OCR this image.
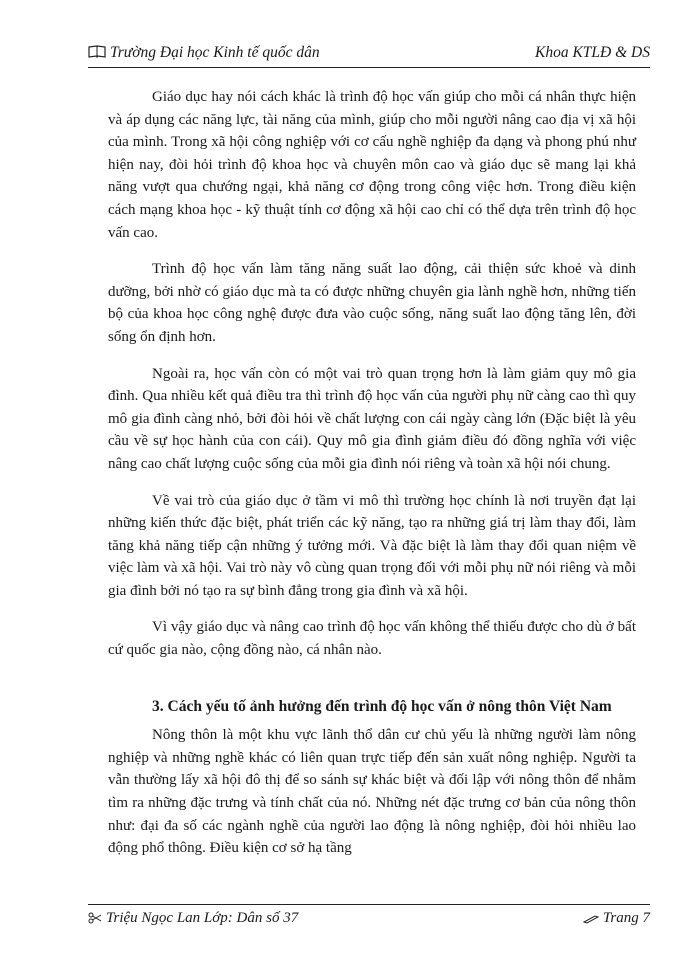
Trường Đại học Kinh tế quốc dân	Khoa KTLĐ & DS

Giáo dục hay nói cách khác là trình độ học vấn giúp cho mỗi cá nhân thực hiện và áp dụng các năng lực, tài năng của mình, giúp cho mỗi người nâng cao địa vị xã hội của mình. Trong xã hội công nghiệp với cơ cấu nghề nghiệp đa dạng và phong phú như hiện nay, đòi hỏi trình độ khoa học và chuyên môn cao và giáo dục sẽ mang lại khả năng vượt qua chướng ngại, khả năng cơ động trong công việc hơn. Trong điều kiện cách mạng khoa học - kỹ thuật tính cơ động xã hội cao chỉ có thể dựa trên trình độ học vấn cao.

Trình độ học vấn làm tăng năng suất lao động, cải thiện sức khoẻ và dinh dưỡng, bởi nhờ có giáo dục mà ta có được những chuyên gia lành nghề hơn, những tiến bộ của khoa học công nghệ được đưa vào cuộc sống, năng suất lao động tăng lên, đời sống ổn định hơn.

Ngoài ra, học vấn còn có một vai trò quan trọng hơn là làm giảm quy mô gia đình. Qua nhiều kết quả điều tra thì trình độ học vấn của người phụ nữ càng cao thì quy mô gia đình càng nhỏ, bởi đòi hỏi về chất lượng con cái ngày càng lớn (Đặc biệt là yêu cầu về sự học hành của con cái). Quy mô gia đình giảm điều đó đồng nghĩa với việc nâng cao chất lượng cuộc sống của mỗi gia đình nói riêng và toàn xã hội nói chung.

Về vai trò của giáo dục ở tầm vi mô thì trường học chính là nơi truyền đạt lại những kiến thức đặc biệt, phát triển các kỹ năng, tạo ra những giá trị làm thay đổi, làm tăng khả năng tiếp cận những ý tưởng mới. Và đặc biệt là làm thay đổi quan niệm về việc làm và xã hội. Vai trò này vô cùng quan trọng đối với mỗi phụ nữ nói riêng và mỗi gia đình bởi nó tạo ra sự bình đẳng trong gia đình và xã hội.

Vì vậy giáo dục và nâng cao trình độ học vấn không thể thiếu được cho dù ở bất cứ quốc gia nào, cộng đồng nào, cá nhân nào.

3. Cách yếu tố ảnh hưởng đến trình độ học vấn ở nông thôn Việt Nam

Nông thôn là một khu vực lãnh thổ dân cư chủ yếu là những người làm nông nghiệp và những nghề khác có liên quan trực tiếp đến sản xuất nông nghiệp. Người ta vẫn thường lấy xã hội đô thị để so sánh sự khác biệt và đối lập với nông thôn để nhằm tìm ra những đặc trưng và tính chất của nó. Những nét đặc trưng cơ bản của nông thôn như: đại đa số các ngành nghề của người lao động là nông nghiệp, đòi hỏi nhiều lao động phổ thông. Điều kiện cơ sở hạ tầng

Triệu Ngọc Lan Lớp: Dân số 37	Trang 7
